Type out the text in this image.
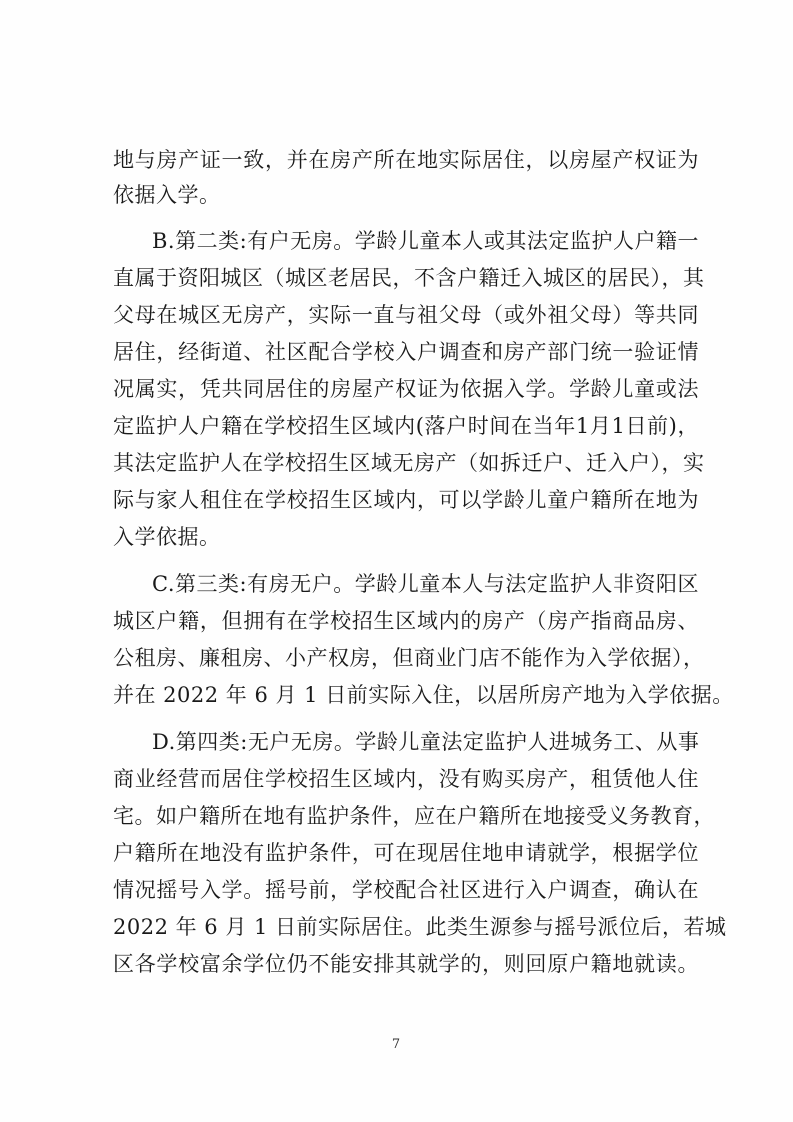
地与房产证一致，并在房产所在地实际居住，以房屋产权证为
依据入学。
B.第二类:有户无房。学龄儿童本人或其法定监护人户籍一
直属于资阳城区（城区老居民，不含户籍迁入城区的居民），其
父母在城区无房产，实际一直与祖父母（或外祖父母）等共同
居住，经街道、社区配合学校入户调查和房产部门统一验证情
况属实，凭共同居住的房屋产权证为依据入学。学龄儿童或法
定监护人户籍在学校招生区域内(落户时间在当年1月1日前)，
其法定监护人在学校招生区域无房产（如拆迁户、迁入户），实
际与家人租住在学校招生区域内，可以学龄儿童户籍所在地为
入学依据。
C.第三类:有房无户。学龄儿童本人与法定监护人非资阳区
城区户籍，但拥有在学校招生区域内的房产（房产指商品房、
公租房、廉租房、小产权房，但商业门店不能作为入学依据），
并在 2022 年 6 月 1 日前实际入住，以居所房产地为入学依据。
D.第四类:无户无房。学龄儿童法定监护人进城务工、从事
商业经营而居住学校招生区域内，没有购买房产，租赁他人住
宅。如户籍所在地有监护条件，应在户籍所在地接受义务教育，
户籍所在地没有监护条件，可在现居住地申请就学，根据学位
情况摇号入学。摇号前，学校配合社区进行入户调查，确认在
2022 年 6 月 1 日前实际居住。此类生源参与摇号派位后，若城
区各学校富余学位仍不能安排其就学的，则回原户籍地就读。
7
